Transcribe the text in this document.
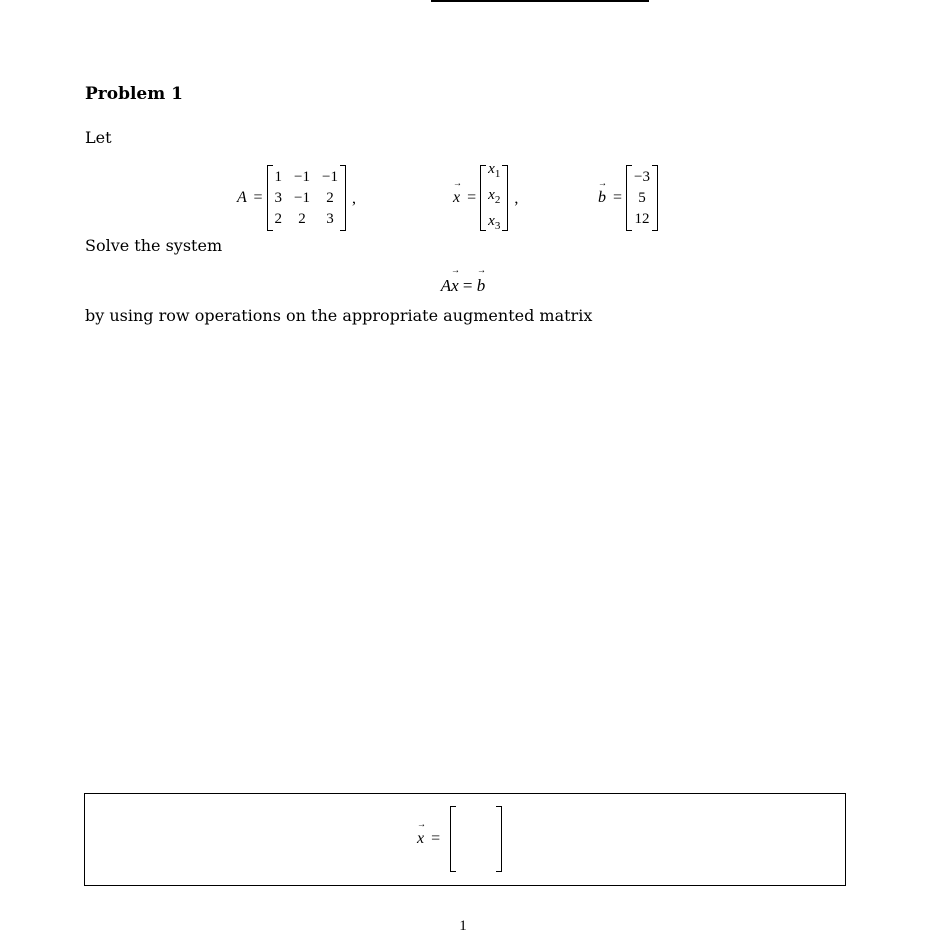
Problem 1
Let
A =
1 −1 −1
3 −1 2
2 2 3
,	x → =
$x_1$
$x_2$
$x_3$
,	b → =
−3
5
12
Solve the system
Ax → = b →
by using row operations on the appropriate augmented matrix
x → =
1
